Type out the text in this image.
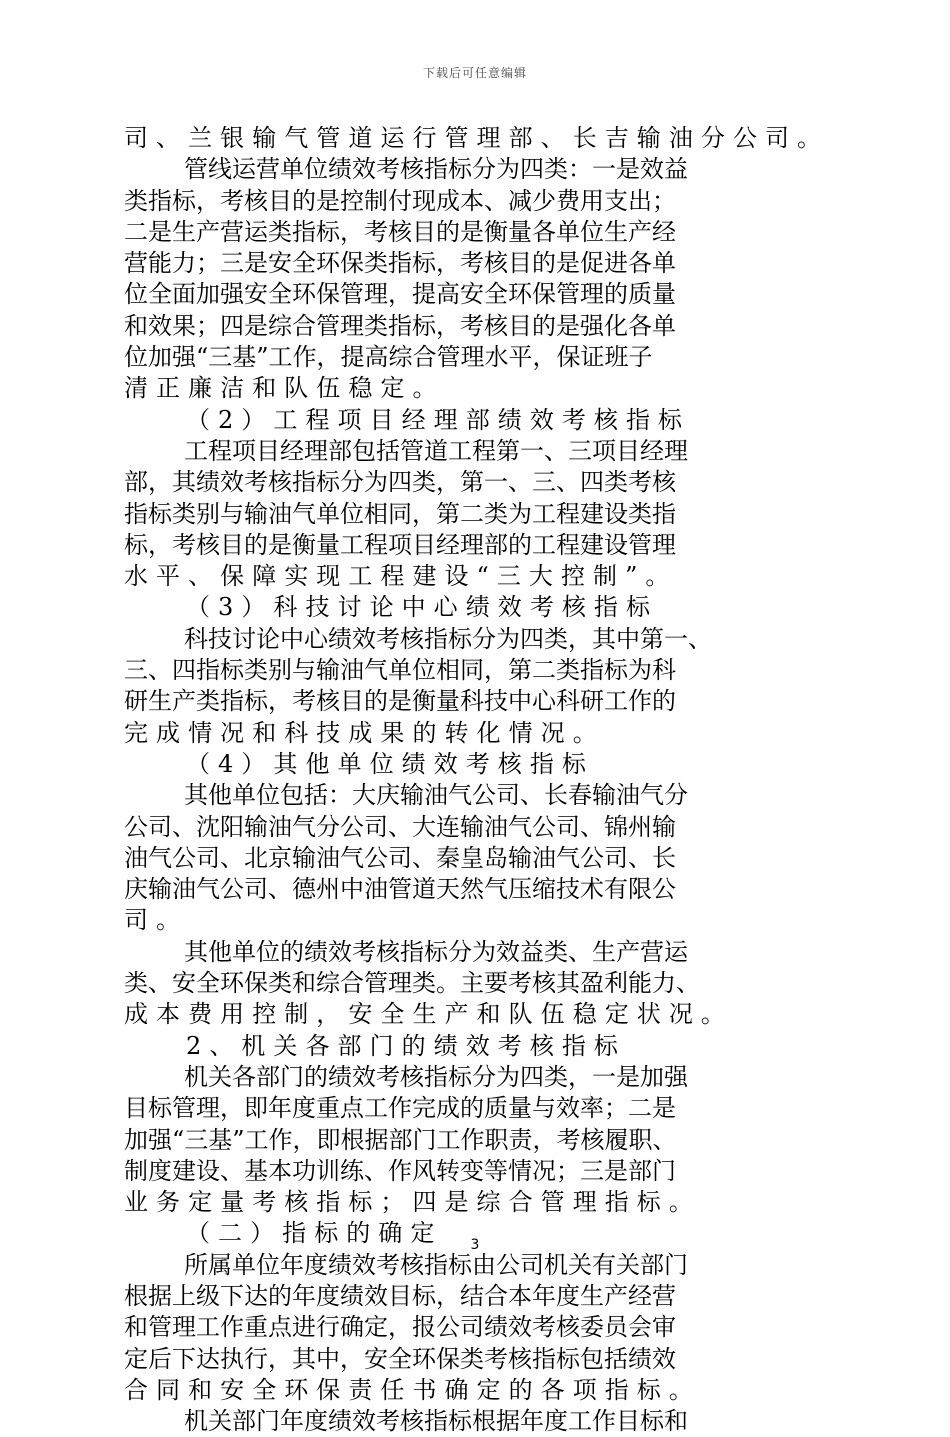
下载后可任意编辑
司、兰银输气管道运行管理部、长吉输油分公司。
管线运营单位绩效考核指标分为四类：一是效益
类指标，考核目的是控制付现成本、减少费用支出；
二是生产营运类指标，考核目的是衡量各单位生产经
营能力；三是安全环保类指标，考核目的是促进各单
位全面加强安全环保管理，提高安全环保管理的质量
和效果；四是综合管理类指标，考核目的是强化各单
位加强“三基”工作，提高综合管理水平，保证班子
清正廉洁和队伍稳定。
（2）工程项目经理部绩效考核指标
工程项目经理部包括管道工程第一、三项目经理
部，其绩效考核指标分为四类，第一、三、四类考核
指标类别与输油气单位相同，第二类为工程建设类指
标，考核目的是衡量工程项目经理部的工程建设管理
水平、保障实现工程建设“三大控制”。
（3）科技讨论中心绩效考核指标
科技讨论中心绩效考核指标分为四类，其中第一、
三、四指标类别与输油气单位相同，第二类指标为科
研生产类指标，考核目的是衡量科技中心科研工作的
完成情况和科技成果的转化情况。
（4）其他单位绩效考核指标
其他单位包括：大庆输油气公司、长春输油气分
公司、沈阳输油气分公司、大连输油气公司、锦州输
油气公司、北京输油气公司、秦皇岛输油气公司、长
庆输油气公司、德州中油管道天然气压缩技术有限公
司。
其他单位的绩效考核指标分为效益类、生产营运
类、安全环保类和综合管理类。主要考核其盈利能力、
成本费用控制，安全生产和队伍稳定状况。
2、机关各部门的绩效考核指标
机关各部门的绩效考核指标分为四类，一是加强
目标管理，即年度重点工作完成的质量与效率；二是
加强“三基”工作，即根据部门工作职责，考核履职、
制度建设、基本功训练、作风转变等情况；三是部门
业务定量考核指标；四是综合管理指标。
（二）指标的确定
所属单位年度绩效考核指标由公司机关有关部门
根据上级下达的年度绩效目标，结合本年度生产经营
和管理工作重点进行确定，报公司绩效考核委员会审
定后下达执行，其中，安全环保类考核指标包括绩效
合同和安全环保责任书确定的各项指标。
机关部门年度绩效考核指标根据年度工作目标和
3
